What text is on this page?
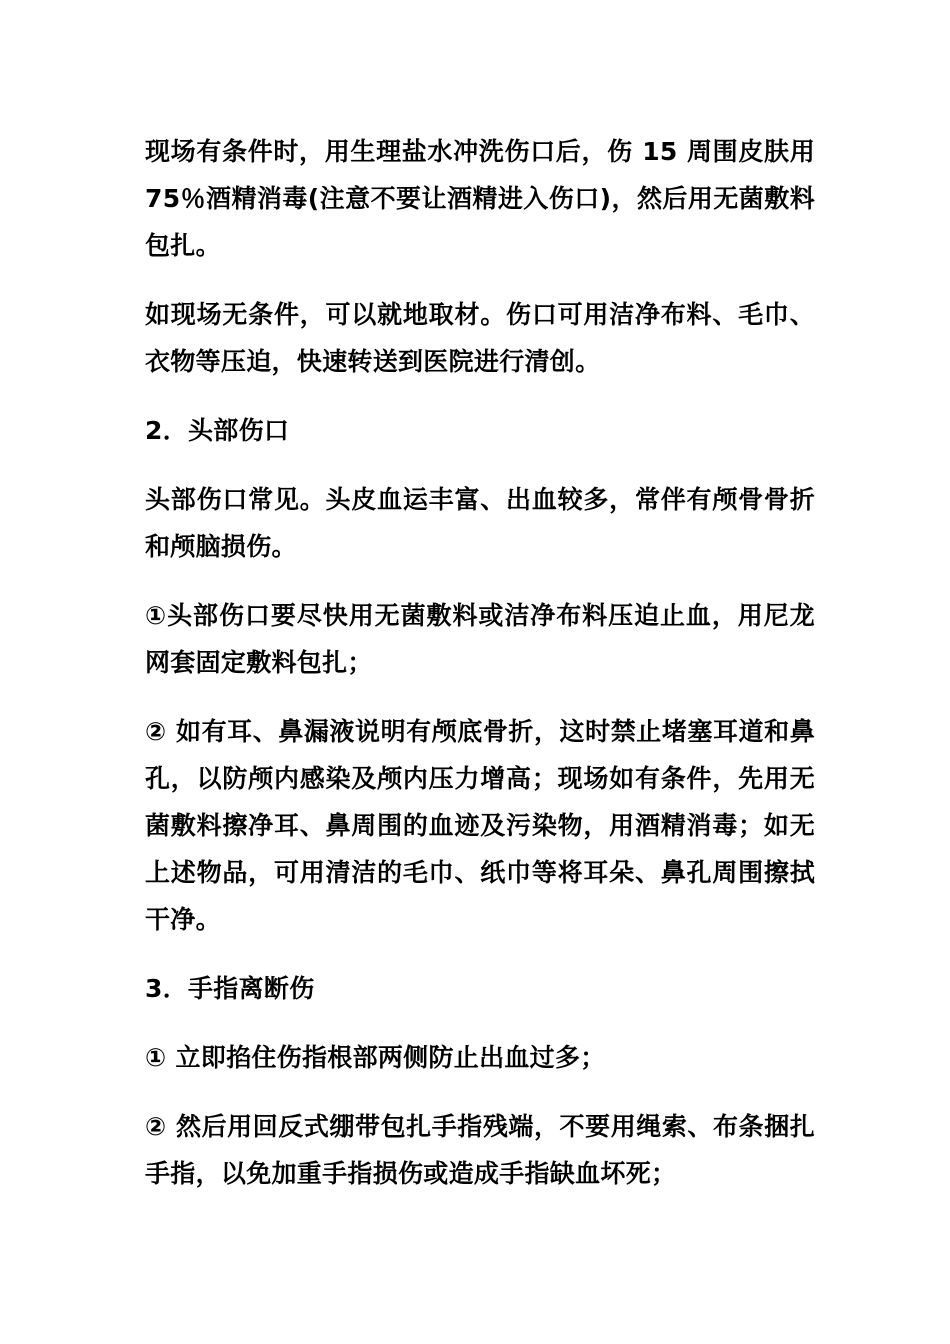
现场有条件时，用生理盐水冲洗伤口后，伤 15 周围皮肤用 75％酒精消毒(注意不要让酒精进入伤口)，然后用无菌敷料包扎。

如现场无条件，可以就地取材。伤口可用洁净布料、毛巾、衣物等压迫，快速转送到医院进行清创。

2．头部伤口

头部伤口常见。头皮血运丰富、出血较多，常伴有颅骨骨折和颅脑损伤。

①头部伤口要尽快用无菌敷料或洁净布料压迫止血，用尼龙网套固定敷料包扎；

② 如有耳、鼻漏液说明有颅底骨折，这时禁止堵塞耳道和鼻孔，以防颅内感染及颅内压力增高；现场如有条件，先用无菌敷料擦净耳、鼻周围的血迹及污染物，用酒精消毒；如无上述物品，可用清洁的毛巾、纸巾等将耳朵、鼻孔周围擦拭干净。

3．手指离断伤

① 立即掐住伤指根部两侧防止出血过多；

② 然后用回反式绷带包扎手指残端，不要用绳索、布条捆扎手指，以免加重手指损伤或造成手指缺血坏死；
